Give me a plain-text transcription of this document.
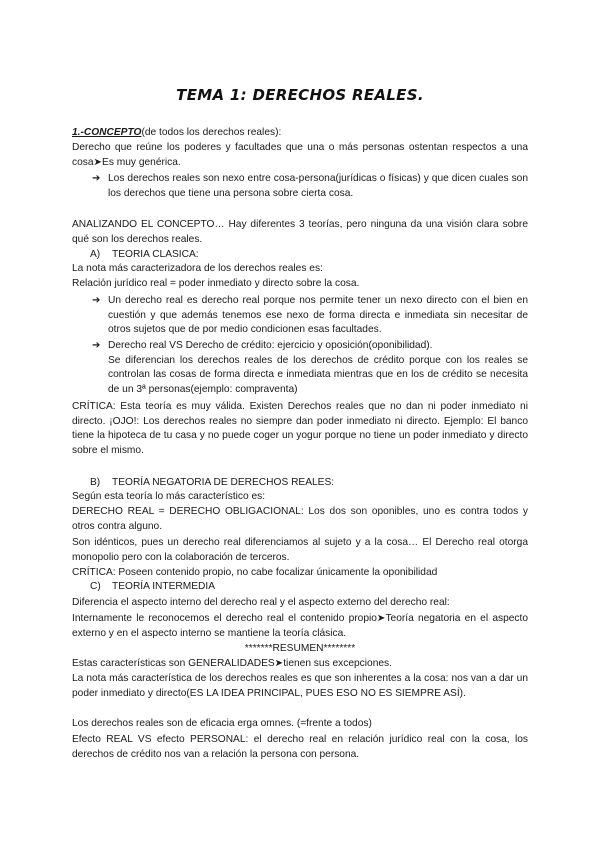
TEMA 1: DERECHOS REALES.
1.-CONCEPTO(de todos los derechos reales):
Derecho que reúne los poderes y facultades que una o más personas ostentan respectos a una cosa➤Es muy genérica.
➔ Los derechos reales son nexo entre cosa-persona(jurídicas o físicas) y que dicen cuales son los derechos que tiene una persona sobre cierta cosa.
ANALIZANDO EL CONCEPTO… Hay diferentes 3 teorías, pero ninguna da una visión clara sobre qué son los derechos reales.
A) TEORIA CLASICA:
La nota más caracterizadora de los derechos reales es:
Relación jurídico real = poder inmediato y directo sobre la cosa.
➔ Un derecho real es derecho real porque nos permite tener un nexo directo con el bien en cuestión y que además tenemos ese nexo de forma directa e inmediata sin necesitar de otros sujetos que de por medio condicionen esas facultades.
➔ Derecho real VS Derecho de crédito: ejercicio y oposición(oponibilidad).
Se diferencian los derechos reales de los derechos de crédito porque con los reales se controlan las cosas de forma directa e inmediata mientras que en los de crédito se necesita de un 3ª personas(ejemplo: compraventa)
CRÍTICA: Esta teoría es muy válida. Existen Derechos reales que no dan ni poder inmediato ni directo. ¡OJO!: Los derechos reales no siempre dan poder inmediato ni directo. Ejemplo: El banco tiene la hipoteca de tu casa y no puede coger un yogur porque no tiene un poder inmediato y directo sobre el mismo.
B) TEORÍA NEGATORIA DE DERECHOS REALES:
Según esta teoría lo más característico es:
DERECHO REAL = DERECHO OBLIGACIONAL: Los dos son oponibles, uno es contra todos y otros contra alguno.
Son idénticos, pues un derecho real diferenciamos al sujeto y a la cosa… El Derecho real otorga monopolio pero con la colaboración de terceros.
CRÍTICA: Poseen contenido propio, no cabe focalizar únicamente la oponibilidad
C) TEORÍA INTERMEDIA
Diferencia el aspecto interno del derecho real y el aspecto externo del derecho real:
Internamente le reconocemos el derecho real el contenido propio➤Teoría negatoria en el aspecto externo y en el aspecto interno se mantiene la teoría clásica.
*******RESUMEN********
Estas características son GENERALIDADES➤tienen sus excepciones.
La nota más característica de los derechos reales es que son inherentes a la cosa: nos van a dar un poder inmediato y directo(ES LA IDEA PRINCIPAL, PUES ESO NO ES SIEMPRE ASÍ).
Los derechos reales son de eficacia erga omnes. (=frente a todos)
Efecto REAL VS efecto PERSONAL: el derecho real en relación jurídico real con la cosa, los derechos de crédito nos van a relación la persona con persona.
